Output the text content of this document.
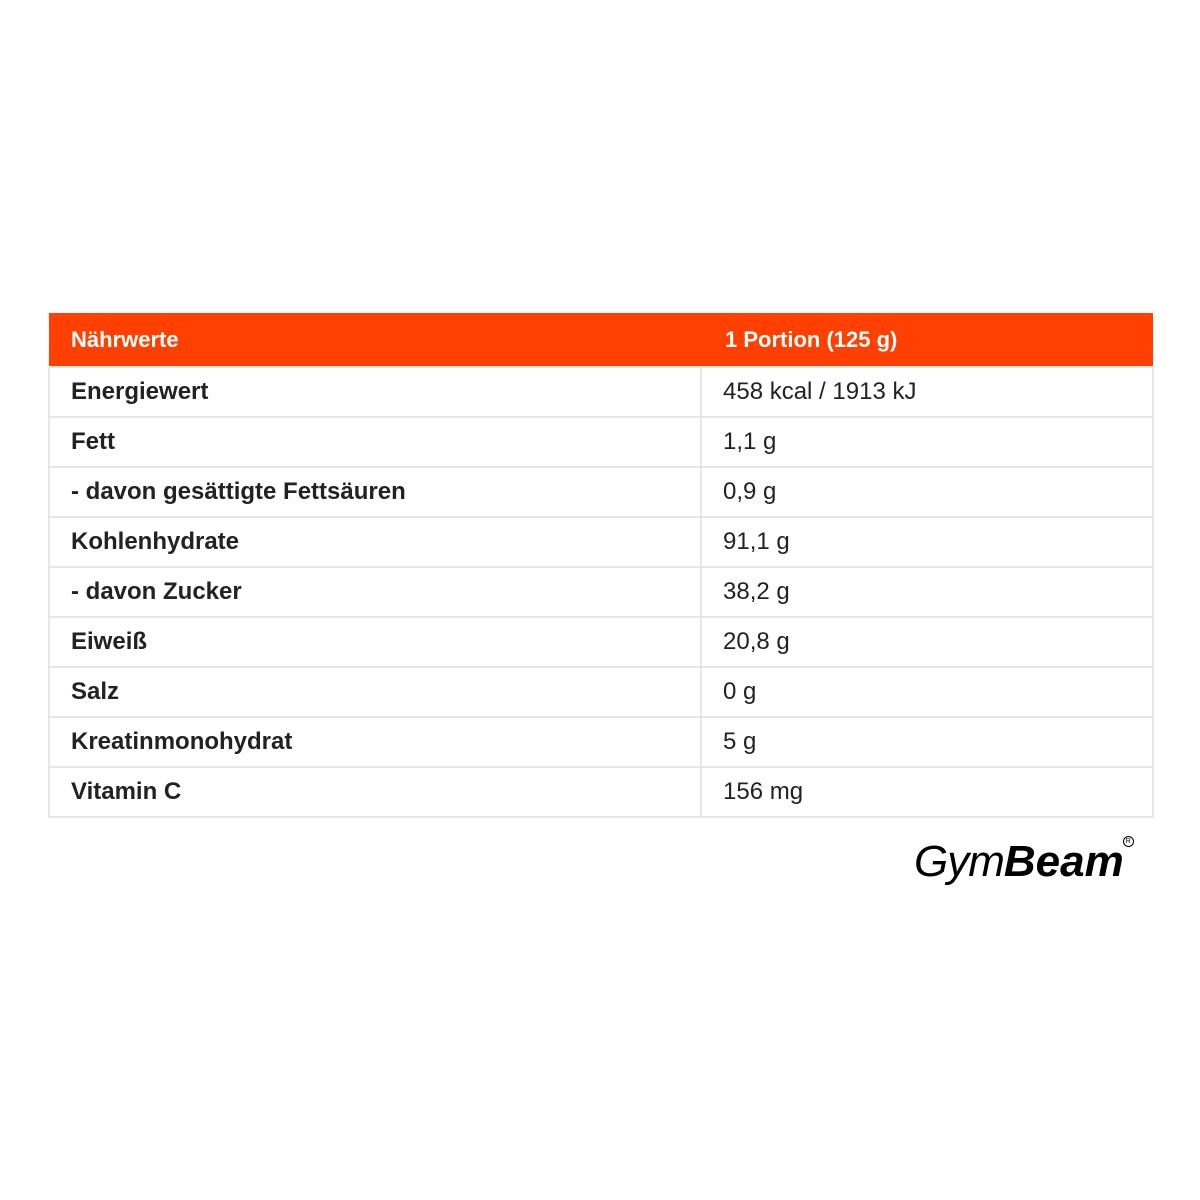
Nährwerte	1 Portion (125 g)
Energiewert	458 kcal / 1913 kJ
Fett	1,1 g
- davon gesättigte Fettsäuren	0,9 g
Kohlenhydrate	91,1 g
- davon Zucker	38,2 g
Eiweiß	20,8 g
Salz	0 g
Kreatinmonohydrat	5 g
Vitamin C	156 mg
GymBeam R
